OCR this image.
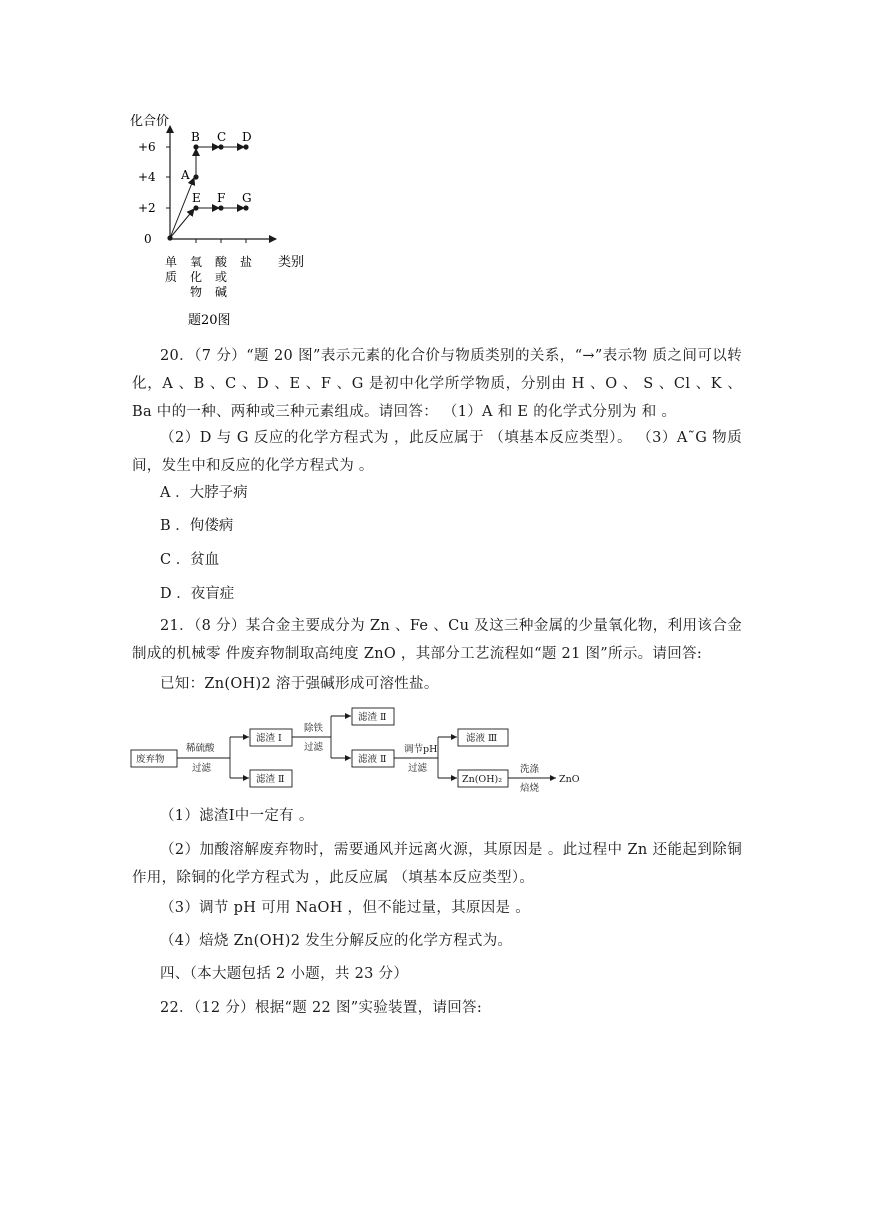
化合价
类别
+6
+4
+2
0
单
质
氧
化
物
酸
或
碱
盐
A
B C D
E F G
题20图

20．（7 分）“题 20 图”表示元素的化合价与物质类别的关系，“→”表示物 质之间可以转化，A 、B 、C 、D 、E 、F 、G 是初中化学所学物质，分别由 H 、O 、 S 、Cl 、K 、Ba 中的一种、两种或三种元素组成。请回答： （1）A 和 E 的化学式分别为 和 。

（2）D 与 G 反应的化学方程式为 ，此反应属于 （填基本反应类型）。 （3）A˜G 物质间，发生中和反应的化学方程式为 。

A ．大脖子病

B ．佝偻病

C ．贫血

D ．夜盲症

21．（8 分）某合金主要成分为 Zn 、Fe 、Cu 及这三种金属的少量氧化物，利用该合金制成的机械零 件废弃物制取高纯度 ZnO ，其部分工艺流程如“题 21 图”所示。请回答:

已知：Zn(OH)2 溶于强碱形成可溶性盐。

废弃物
滤渣 Ⅰ
滤渣 Ⅱ
滤渣 Ⅱ
滤液 Ⅱ
滤液 Ⅲ
Zn(OH)₂
稀硫酸
过滤
除铁
过滤	调节pH
过滤	洗涤
焙烧
ZnO

（1）滤渣Ⅰ中一定有 。

（2）加酸溶解废弃物时，需要通风并远离火源，其原因是 。此过程中 Zn 还能起到除铜作用，除铜的化学方程式为 ，此反应属 （填基本反应类型）。

（3）调节 pH 可用 NaOH ，但不能过量，其原因是 。

（4）焙烧 Zn(OH)2 发生分解反应的化学方程式为。

四、（本大题包括 2 小题，共 23 分）

22．（12 分）根据“题 22 图”实验装置，请回答:
